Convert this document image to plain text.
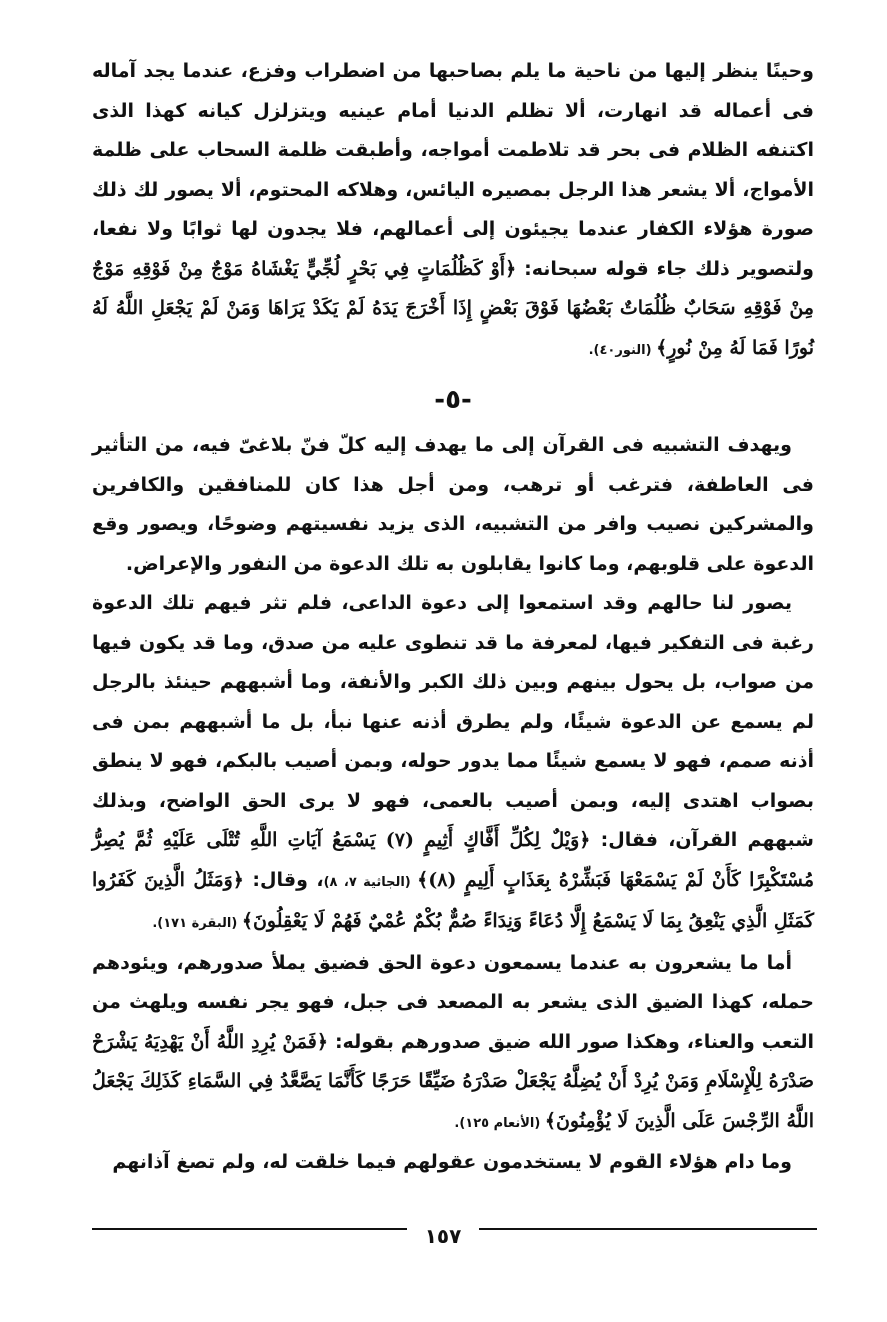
وحينًا ينظر إليها من ناحية ما يلم بصاحبها من اضطراب وفزع، عندما يجد آماله فى أعماله قد انهارت، ألا تظلم الدنيا أمام عينيه ويتزلزل كيانه كهذا الذى اكتنفه الظلام فى بحر قد تلاطمت أمواجه، وأطبقت ظلمة السحاب على ظلمة الأمواج، ألا يشعر هذا الرجل بمصيره اليائس، وهلاكه المحتوم، ألا يصور لك ذلك صورة هؤلاء الكفار عندما يجيئون إلى أعمالهم، فلا يجدون لها ثوابًا ولا نفعا، ولتصوير ذلك جاء قوله سبحانه: ﴿أَوْ كَظُلُمَاتٍ فِي بَحْرٍ لُجِّيٍّ يَغْشَاهُ مَوْجٌ مِنْ فَوْقِهِ مَوْجٌ مِنْ فَوْقِهِ سَحَابٌ ظُلُمَاتٌ بَعْضُهَا فَوْقَ بَعْضٍ إِذَا أَخْرَجَ يَدَهُ لَمْ يَكَدْ يَرَاهَا وَمَنْ لَمْ يَجْعَلِ اللَّهُ لَهُ نُورًا فَمَا لَهُ مِنْ نُورٍ﴾ (النور٤٠).

-٥-

ويهدف التشبيه فى القرآن إلى ما يهدف إليه كلّ فنّ بلاغىّ فيه، من التأثير فى العاطفة، فترغب أو ترهب، ومن أجل هذا كان للمنافقين والكافرين والمشركين نصيب وافر من التشبيه، الذى يزيد نفسيتهم وضوحًا، ويصور وقع الدعوة على قلوبهم، وما كانوا يقابلون به تلك الدعوة من النفور والإعراض.

يصور لنا حالهم وقد استمعوا إلى دعوة الداعى، فلم تثر فيهم تلك الدعوة رغبة فى التفكير فيها، لمعرفة ما قد تنطوى عليه من صدق، وما قد يكون فيها من صواب، بل يحول بينهم وبين ذلك الكبر والأنفة، وما أشبههم حينئذ بالرجل لم يسمع عن الدعوة شيئًا، ولم يطرق أذنه عنها نبأ، بل ما أشبههم بمن فى أذنه صمم، فهو لا يسمع شيئًا مما يدور حوله، وبمن أصيب بالبكم، فهو لا ينطق بصواب اهتدى إليه، وبمن أصيب بالعمى، فهو لا يرى الحق الواضح، وبذلك شبههم القرآن، فقال: ﴿وَيْلٌ لِكُلِّ أَفَّاكٍ أَثِيمٍ (٧) يَسْمَعُ آيَاتِ اللَّهِ تُتْلَى عَلَيْهِ ثُمَّ يُصِرُّ مُسْتَكْبِرًا كَأَنْ لَمْ يَسْمَعْهَا فَبَشِّرْهُ بِعَذَابٍ أَلِيمٍ (٨)﴾ (الجاثية ٧، ٨)، وقال: ﴿وَمَثَلُ الَّذِينَ كَفَرُوا كَمَثَلِ الَّذِي يَنْعِقُ بِمَا لَا يَسْمَعُ إِلَّا دُعَاءً وَنِدَاءً صُمٌّ بُكْمٌ عُمْيٌ فَهُمْ لَا يَعْقِلُونَ﴾ (البقرة ١٧١).

أما ما يشعرون به عندما يسمعون دعوة الحق فضيق يملأ صدورهم، ويئودهم حمله، كهذا الضيق الذى يشعر به المصعد فى جبل، فهو يجر نفسه ويلهث من التعب والعناء، وهكذا صور الله ضيق صدورهم بقوله: ﴿فَمَنْ يُرِدِ اللَّهُ أَنْ يَهْدِيَهُ يَشْرَحْ صَدْرَهُ لِلْإِسْلَامِ وَمَنْ يُرِدْ أَنْ يُضِلَّهُ يَجْعَلْ صَدْرَهُ ضَيِّقًا حَرَجًا كَأَنَّمَا يَصَّعَّدُ فِي السَّمَاءِ كَذَلِكَ يَجْعَلُ اللَّهُ الرِّجْسَ عَلَى الَّذِينَ لَا يُؤْمِنُونَ﴾ (الأنعام ١٢٥).

وما دام هؤلاء القوم لا يستخدمون عقولهم فيما خلقت له، ولم تصغ آذانهم

١٥٧
